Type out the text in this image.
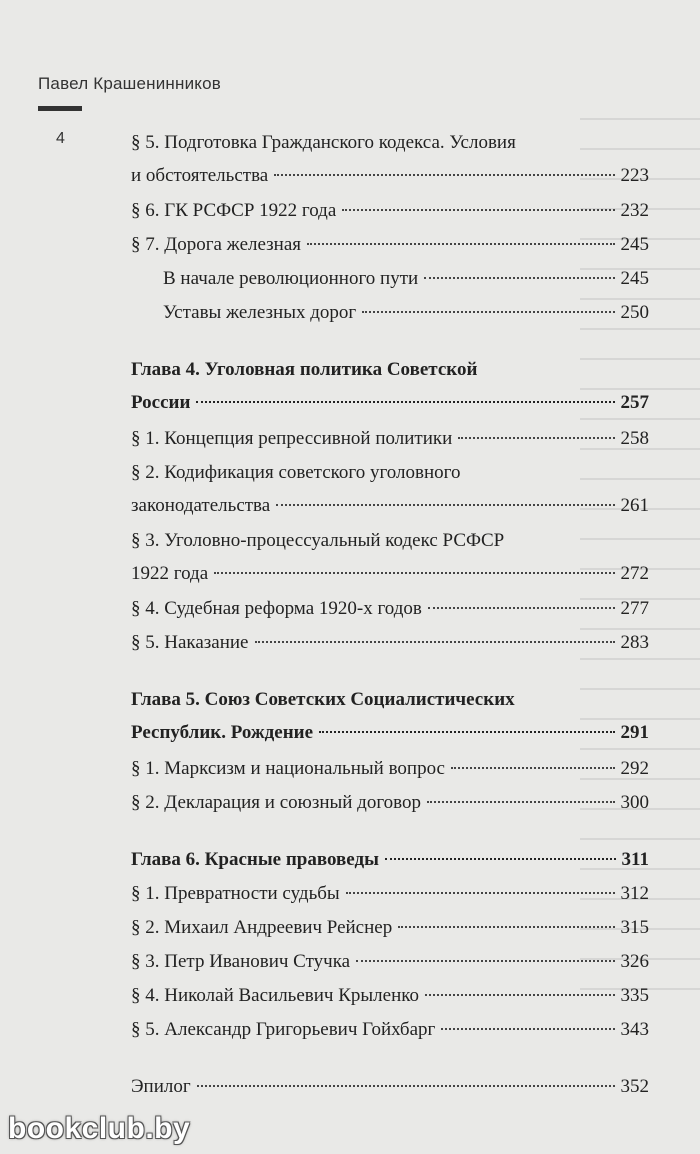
Павел Крашенинников
4	§ 5. Подготовка Гражданского кодекса. Условия
и обстоятельства	223
§ 6. ГК РСФСР 1922 года	232
§ 7. Дорога железная	245
В начале революционного пути	245
Уставы железных дорог	250
Глава 4. Уголовная политика Советской
России	257
§ 1. Концепция репрессивной политики	258
§ 2. Кодификация советского уголовного
законодательства	261
§ 3. Уголовно-процессуальный кодекс РСФСР
1922 года	272
§ 4. Судебная реформа 1920-х годов	277
§ 5. Наказание	283
Глава 5. Союз Советских Социалистических
Республик. Рождение	291
§ 1. Марксизм и национальный вопрос	292
§ 2. Декларация и союзный договор	300
Глава 6. Красные правоведы	311
§ 1. Превратности судьбы	312
§ 2. Михаил Андреевич Рейснер	315
§ 3. Петр Иванович Стучка	326
§ 4. Николай Васильевич Крыленко	335
§ 5. Александр Григорьевич Гойхбарг	343
Эпилог	352
bookclub.by
